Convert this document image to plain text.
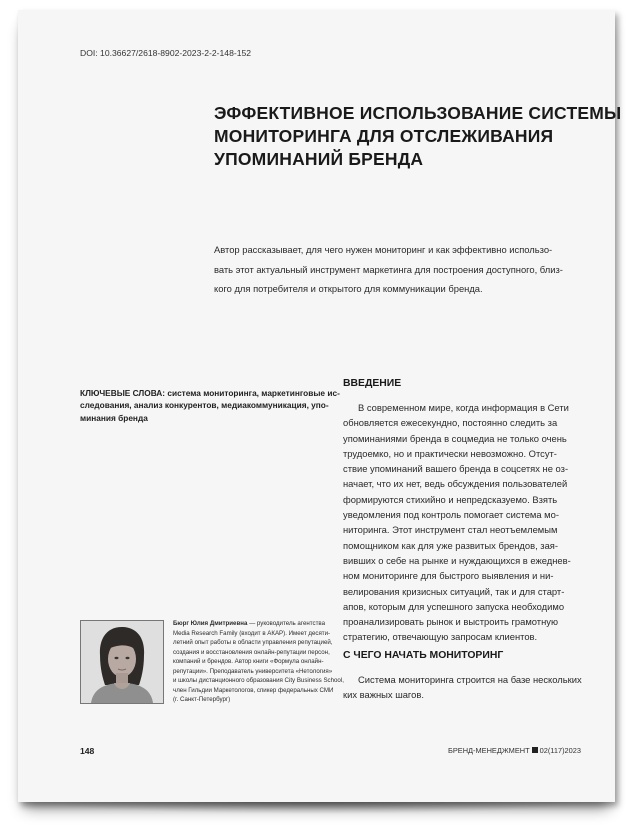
DOI: 10.36627/2618-8902-2023-2-2-148-152
ЭФФЕКТИВНОЕ ИСПОЛЬЗОВАНИЕ СИСТЕМЫ
МОНИТОРИНГА ДЛЯ ОТСЛЕЖИВАНИЯ
УПОМИНАНИЙ БРЕНДА
Автор рассказывает, для чего нужен мониторинг и как эффективно использо-
вать этот актуальный инструмент маркетинга для построения доступного, близ-
кого для потребителя и открытого для коммуникации бренда.
КЛЮЧЕВЫЕ СЛОВА: система мониторинга, маркетинговые ис-
следования, анализ конкурентов, медиакоммуникация, упо-
минания бренда
ВВЕДЕНИЕ
В современном мире, когда информация в Сети
обновляется ежесекундно, постоянно следить за
упоминаниями бренда в соцмедиа не только очень
трудоемко, но и практически невозможно. Отсут-
ствие упоминаний вашего бренда в соцсетях не оз-
начает, что их нет, ведь обсуждения пользователей
формируются стихийно и непредсказуемо. Взять
уведомления под контроль помогает система мо-
ниторинга. Этот инструмент стал неотъемлемым
помощником как для уже развитых брендов, зая-
вивших о себе на рынке и нуждающихся в ежеднев-
ном мониторинге для быстрого выявления и ни-
велирования кризисных ситуаций, так и для старт-
апов, которым для успешного запуска необходимо
проанализировать рынок и выстроить грамотную
стратегию, отвечающую запросам клиентов.
С ЧЕГО НАЧАТЬ МОНИТОРИНГ
Система мониторинга строится на базе нескольких
ких важных шагов.
Бюрг Юлия Дмитриевна — руководитель агентства
Media Research Family (входит в АКАР). Имеет десяти-
летний опыт работы в области управления репутацией,
создания и восстановления онлайн-репутации персон,
компаний и брендов. Автор книги «Формула онлайн-
репутации». Преподаватель университета «Нетология»
и школы дистанционного образования City Business School,
член Гильдии Маркетологов, спикер федеральных СМИ
(г. Санкт-Петербург)
148	БРЕНД-МЕНЕДЖМЕНТ 02(117)2023
